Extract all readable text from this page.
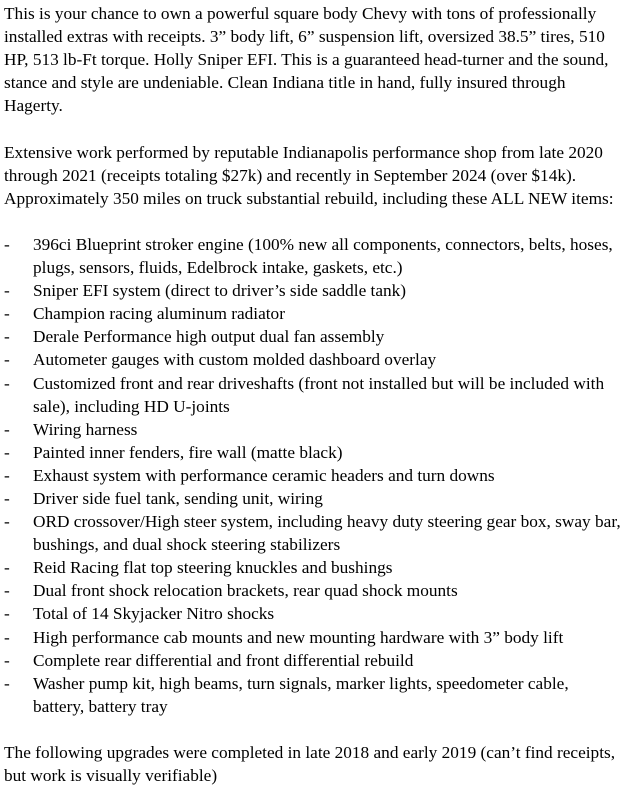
This is your chance to own a powerful square body Chevy with tons of professionally installed extras with receipts. 3” body lift, 6” suspension lift, oversized 38.5” tires, 510 HP, 513 lb-Ft torque. Holly Sniper EFI. This is a guaranteed head-turner and the sound, stance and style are undeniable. Clean Indiana title in hand, fully insured through Hagerty.

Extensive work performed by reputable Indianapolis performance shop from late 2020 through 2021 (receipts totaling $27k) and recently in September 2024 (over $14k). Approximately 350 miles on truck substantial rebuild, including these ALL NEW items:

- 396ci Blueprint stroker engine (100% new all components, connectors, belts, hoses, plugs, sensors, fluids, Edelbrock intake, gaskets, etc.)
- Sniper EFI system (direct to driver’s side saddle tank)
- Champion racing aluminum radiator
- Derale Performance high output dual fan assembly
- Autometer gauges with custom molded dashboard overlay
- Customized front and rear driveshafts (front not installed but will be included with sale), including HD U-joints
- Wiring harness
- Painted inner fenders, fire wall (matte black)
- Exhaust system with performance ceramic headers and turn downs
- Driver side fuel tank, sending unit, wiring
- ORD crossover/High steer system, including heavy duty steering gear box, sway bar, bushings, and dual shock steering stabilizers
- Reid Racing flat top steering knuckles and bushings
- Dual front shock relocation brackets, rear quad shock mounts
- Total of 14 Skyjacker Nitro shocks
- High performance cab mounts and new mounting hardware with 3” body lift
- Complete rear differential and front differential rebuild
- Washer pump kit, high beams, turn signals, marker lights, speedometer cable, battery, battery tray

The following upgrades were completed in late 2018 and early 2019 (can’t find receipts, but work is visually verifiable)
